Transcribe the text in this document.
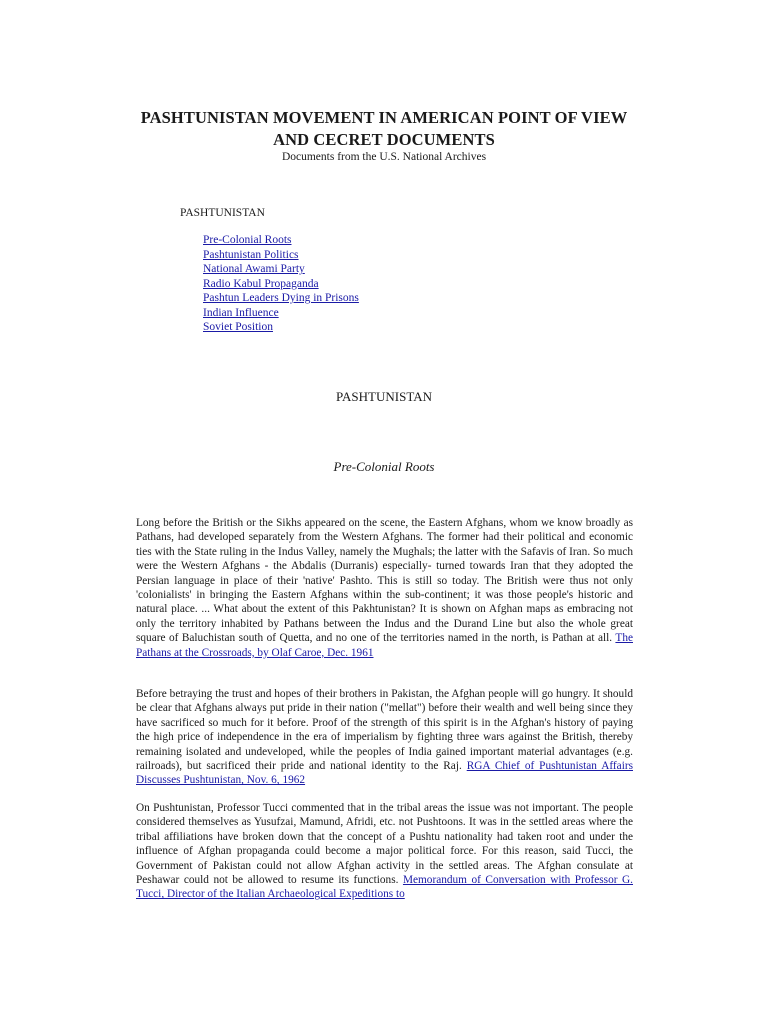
PASHTUNISTAN MOVEMENT IN AMERICAN POINT OF VIEW
AND CECRET DOCUMENTS
Documents from the U.S. National Archives
PASHTUNISTAN
Pre-Colonial Roots
Pashtunistan Politics
National Awami Party
Radio Kabul Propaganda
Pashtun Leaders Dying in Prisons
Indian Influence
Soviet Position
PASHTUNISTAN
Pre-Colonial Roots

Long before the British or the Sikhs appeared on the scene, the Eastern Afghans, whom we know broadly as Pathans, had developed separately from the Western Afghans. The former had their political and economic ties with the State ruling in the Indus Valley, namely the Mughals; the latter with the Safavis of Iran. So much were the Western Afghans - the Abdalis (Durranis) especially- turned towards Iran that they adopted the Persian language in place of their 'native' Pashto. This is still so today. The British were thus not only 'colonialists' in bringing the Eastern Afghans within the sub-continent; it was those people's historic and natural place. ... What about the extent of this Pakhtunistan? It is shown on Afghan maps as embracing not only the territory inhabited by Pathans between the Indus and the Durand Line but also the whole great square of Baluchistan south of Quetta, and no one of the territories named in the north, is Pathan at all. The Pathans at the Crossroads, by Olaf Caroe, Dec. 1961

Before betraying the trust and hopes of their brothers in Pakistan, the Afghan people will go hungry. It should be clear that Afghans always put pride in their nation ("mellat") before their wealth and well being since they have sacrificed so much for it before. Proof of the strength of this spirit is in the Afghan's history of paying the high price of independence in the era of imperialism by fighting three wars against the British, thereby remaining isolated and undeveloped, while the peoples of India gained important material advantages (e.g. railroads), but sacrificed their pride and national identity to the Raj. RGA Chief of Pushtunistan Affairs Discusses Pushtunistan, Nov. 6, 1962

On Pushtunistan, Professor Tucci commented that in the tribal areas the issue was not important. The people considered themselves as Yusufzai, Mamund, Afridi, etc. not Pushtoons. It was in the settled areas where the tribal affiliations have broken down that the concept of a Pushtu nationality had taken root and under the influence of Afghan propaganda could become a major political force. For this reason, said Tucci, the Government of Pakistan could not allow Afghan activity in the settled areas. The Afghan consulate at Peshawar could not be allowed to resume its functions. Memorandum of Conversation with Professor G. Tucci, Director of the Italian Archaeological Expeditions to
